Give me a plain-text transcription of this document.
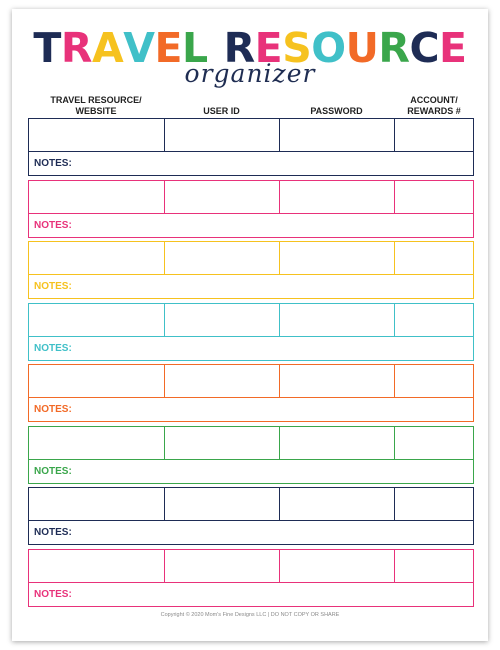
TRAVEL RESOURCE
organizer
TRAVEL RESOURCE/
WEBSITE	USER ID	PASSWORD
ACCOUNT/
REWARDS #
NOTES:
NOTES:
NOTES:
NOTES:
NOTES:
NOTES:
NOTES:
NOTES:
Copyright © 2020 Mom's Fine Designs LLC | DO NOT COPY OR SHARE
